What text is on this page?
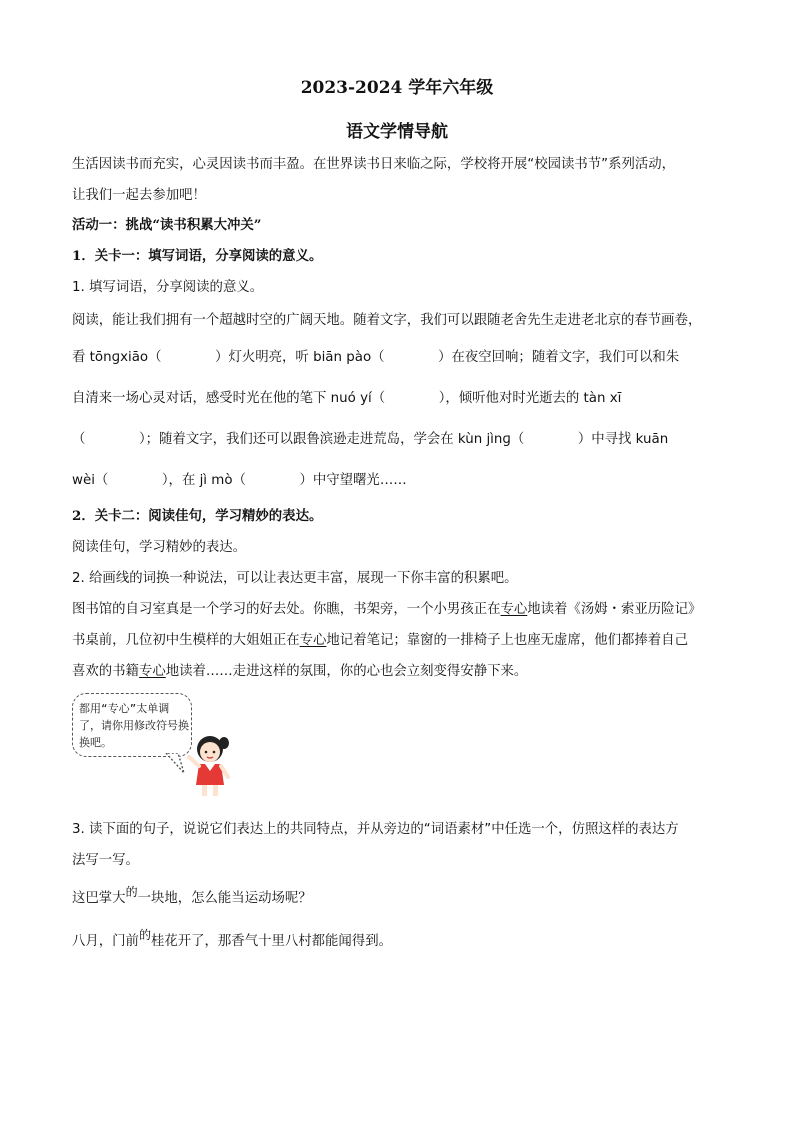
2023-2024 学年六年级
语文学情导航
生活因读书而充实，心灵因读书而丰盈。在世界读书日来临之际，学校将开展“校园读书节”系列活动，
让我们一起去参加吧！
活动一：挑战“读书积累大冲关”
1．关卡一：填写词语，分享阅读的意义。
1. 填写词语，分享阅读的意义。
阅读，能让我们拥有一个超越时空的广阔天地。随着文字，我们可以跟随老舍先生走进老北京的春节画卷，
看 tōnɡxiāo（　　　　）灯火明亮，听 biān pào（　　　　）在夜空回响；随着文字，我们可以和朱
自清来一场心灵对话，感受时光在他的笔下 nuó yí（　　　　），倾听他对时光逝去的 tàn xī
（　　　　）；随着文字，我们还可以跟鲁滨逊走进荒岛，学会在 kùn jìnɡ（　　　　）中寻找 kuān
wèi（　　　　），在 jì mò（　　　　）中守望曙光……
2．关卡二：阅读佳句，学习精妙的表达。
阅读佳句，学习精妙的表达。
2. 给画线的词换一种说法，可以让表达更丰富，展现一下你丰富的积累吧。
图书馆的自习室真是一个学习的好去处。你瞧，书架旁，一个小男孩正在专心地读着《汤姆・索亚历险记》
书桌前，几位初中生模样的大姐姐正在专心地记着笔记；靠窗的一排椅子上也座无虚席，他们都捧着自己
喜欢的书籍专心地读着……走进这样的氛围，你的心也会立刻变得安静下来。
都用“专心”太单调了，请你用修改符号换换吧。
3. 读下面的句子，说说它们表达上的共同特点，并从旁边的“词语素材”中任选一个，仿照这样的表达方
法写一写。
这巴掌大的一块地，怎么能当运动场呢？
八月，门前的桂花开了，那香气十里八村都能闻得到。
